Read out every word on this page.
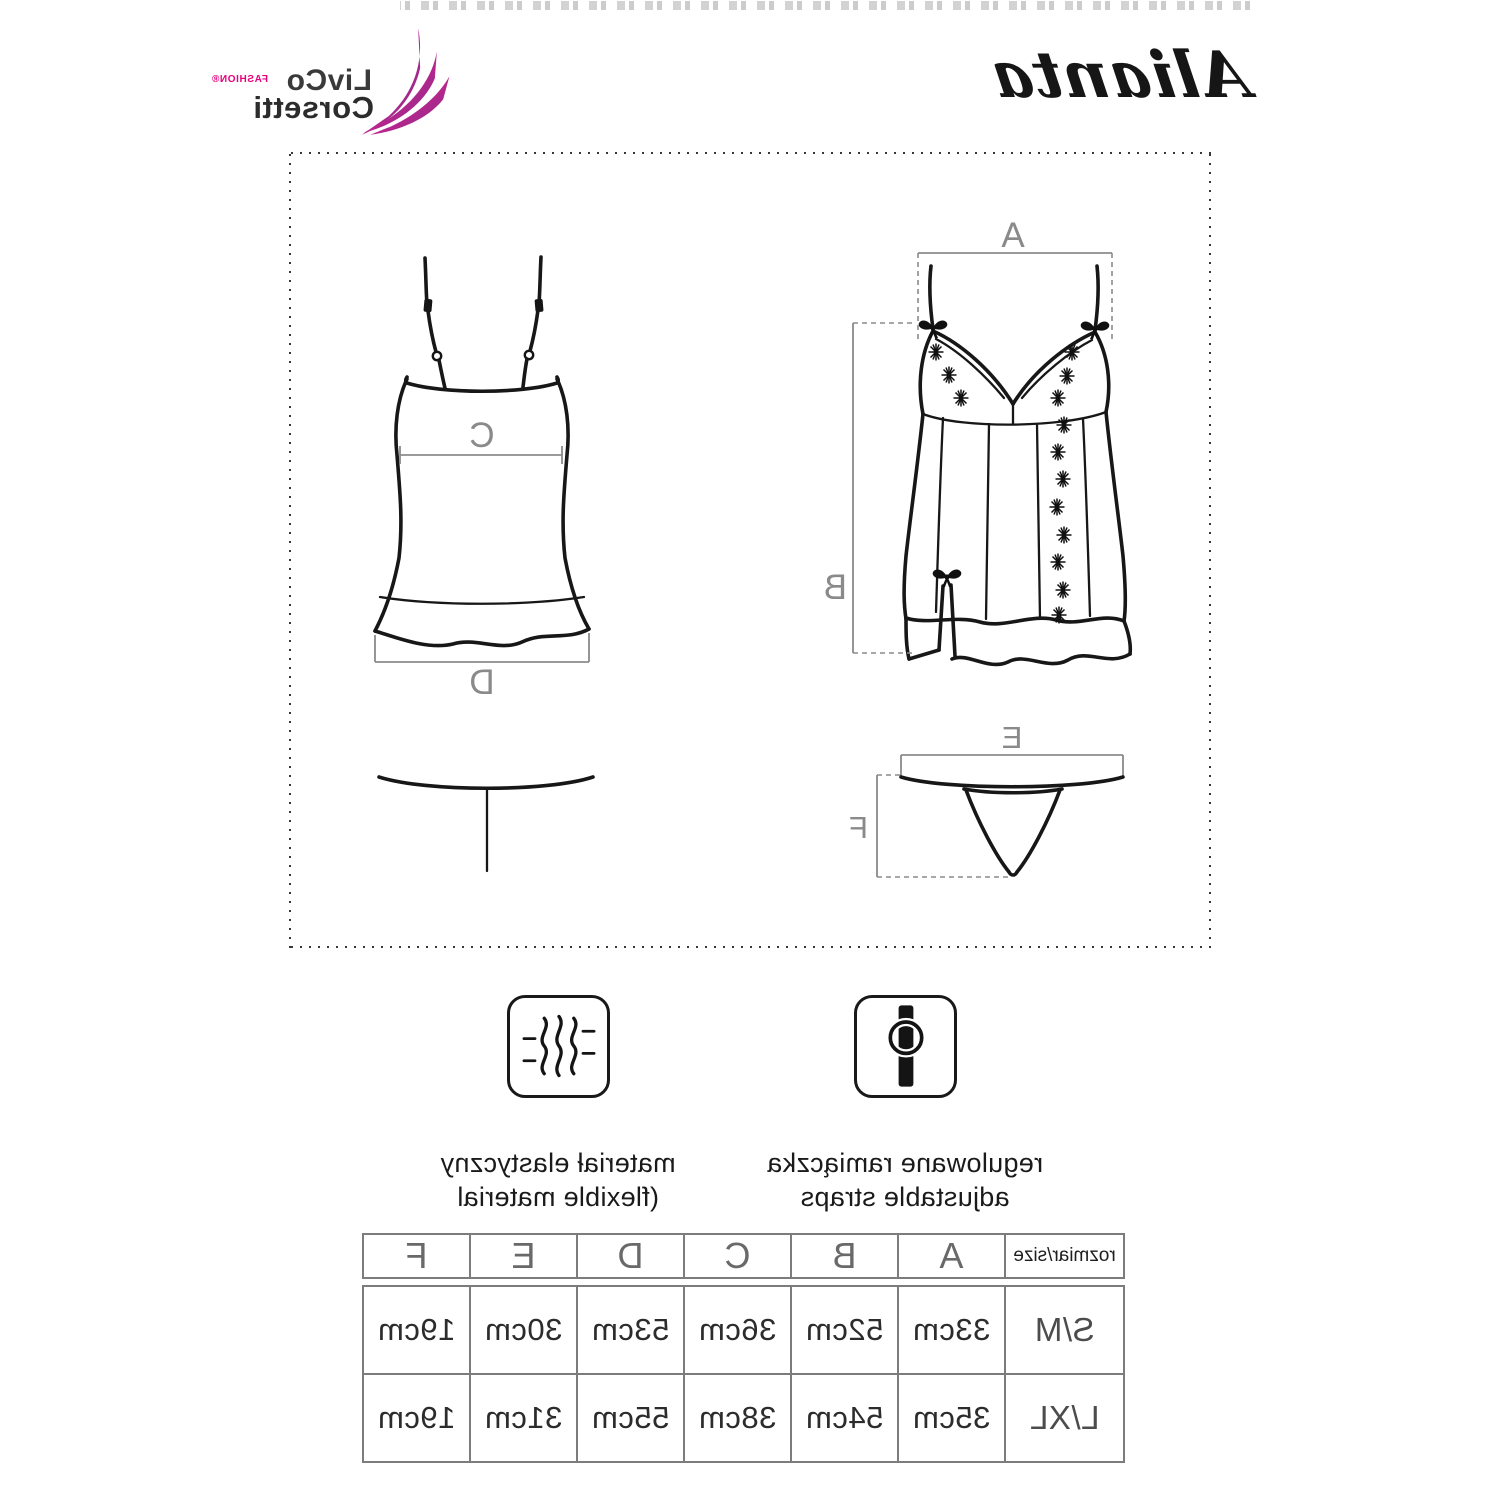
Alianta
LivCo
FASHION®
Corsetti
A
B
C
D
E
F
regulowane ramiączka
adjustable straps
materiał elastyczny
(flexible material
rozmiar/size	A	B	C	D	E	F
S/M	33cm	52cm	36cm	53cm	30cm	19cm
L/XL	35cm	54cm	38cm	55cm	31cm	19cm
